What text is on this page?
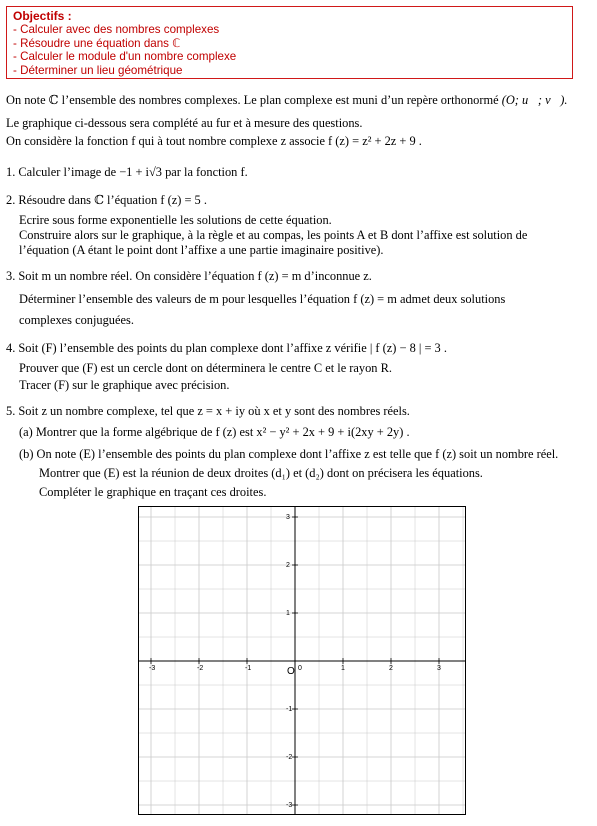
Objectifs :
- Calculer avec des nombres complexes
- Résoudre une équation dans ℂ
- Calculer le module d'un nombre complexe
- Déterminer un lieu géométrique
On note ℂ l’ensemble des nombres complexes. Le plan complexe est muni d’un repère orthonormé (O; u⃗; v⃗).
Le graphique ci-dessous sera complété au fur et à mesure des questions.
On considère la fonction f qui à tout nombre complexe z associe f (z) = z² + 2z + 9 .
1. Calculer l’image de −1 + i√3 par la fonction f.
2. Résoudre dans ℂ l’équation f (z) = 5 .
Ecrire sous forme exponentielle les solutions de cette équation.
Construire alors sur le graphique, à la règle et au compas, les points A et B dont l’affixe est solution de
l’équation (A étant le point dont l’affixe a une partie imaginaire positive).
3. Soit m un nombre réel. On considère l’équation f (z) = m d’inconnue z.
Déterminer l’ensemble des valeurs de m pour lesquelles l’équation f (z) = m admet deux solutions
complexes conjuguées.
4. Soit (F) l’ensemble des points du plan complexe dont l’affixe z vérifie | f (z) − 8 | = 3 .
Prouver que (F) est un cercle dont on déterminera le centre C et le rayon R.
Tracer (F) sur le graphique avec précision.
5. Soit z un nombre complexe, tel que z = x + iy où x et y sont des nombres réels.
(a) Montrer que la forme algébrique de f (z) est x² − y² + 2x + 9 + i(2xy + 2y) .
(b) On note (E) l’ensemble des points du plan complexe dont l’affixe z est telle que f (z) soit un nombre réel.
Montrer que (E) est la réunion de deux droites (d₁) et (d₂) dont on précisera les équations.
Compléter le graphique en traçant ces droites.
-3	-2	-1	0	1	2	3
3
2
1
-1
-2
-3
O
